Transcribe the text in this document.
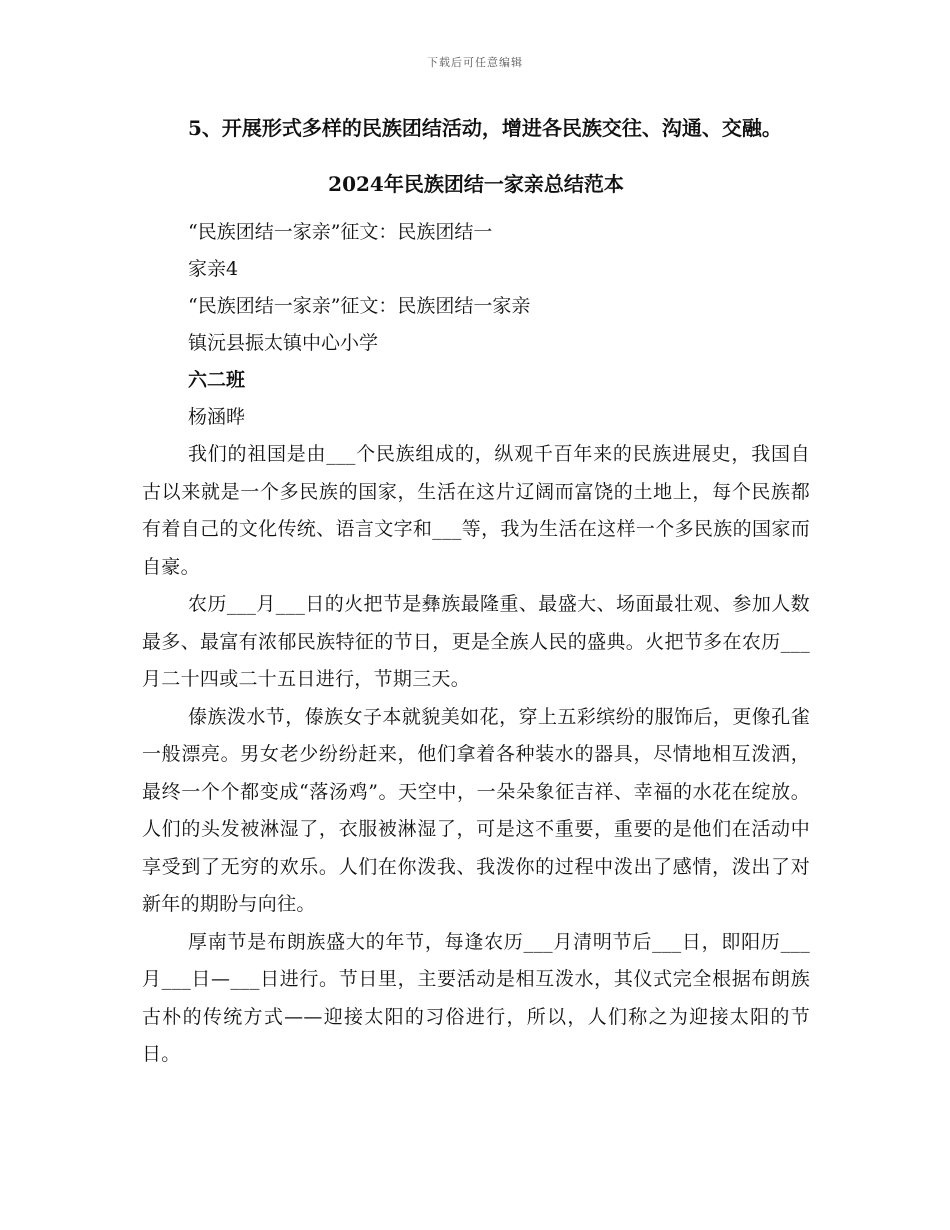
下载后可任意编辑
5、开展形式多样的民族团结活动，增进各民族交往、沟通、交融。
2024年民族团结一家亲总结范本
“民族团结一家亲”征文：民族团结一
家亲4
“民族团结一家亲”征文：民族团结一家亲
镇沅县振太镇中心小学
六二班
杨涵晔

我们的祖国是由___个民族组成的，纵观千百年来的民族进展史，我国自古以来就是一个多民族的国家，生活在这片辽阔而富饶的土地上，每个民族都有着自己的文化传统、语言文字和___等，我为生活在这样一个多民族的国家而自豪。

农历___月___日的火把节是彝族最隆重、最盛大、场面最壮观、参加人数最多、最富有浓郁民族特征的节日，更是全族人民的盛典。火把节多在农历___月二十四或二十五日进行，节期三天。

傣族泼水节，傣族女子本就貌美如花，穿上五彩缤纷的服饰后，更像孔雀一般漂亮。男女老少纷纷赶来，他们拿着各种装水的器具，尽情地相互泼洒，最终一个个都变成“落汤鸡”。天空中，一朵朵象征吉祥、幸福的水花在绽放。人们的头发被淋湿了，衣服被淋湿了，可是这不重要，重要的是他们在活动中享受到了无穷的欢乐。人们在你泼我、我泼你的过程中泼出了感情，泼出了对新年的期盼与向往。

厚南节是布朗族盛大的年节，每逢农历___月清明节后___日，即阳历___月___日—___日进行。节日里，主要活动是相互泼水，其仪式完全根据布朗族古朴的传统方式——迎接太阳的习俗进行，所以，人们称之为迎接太阳的节日。
